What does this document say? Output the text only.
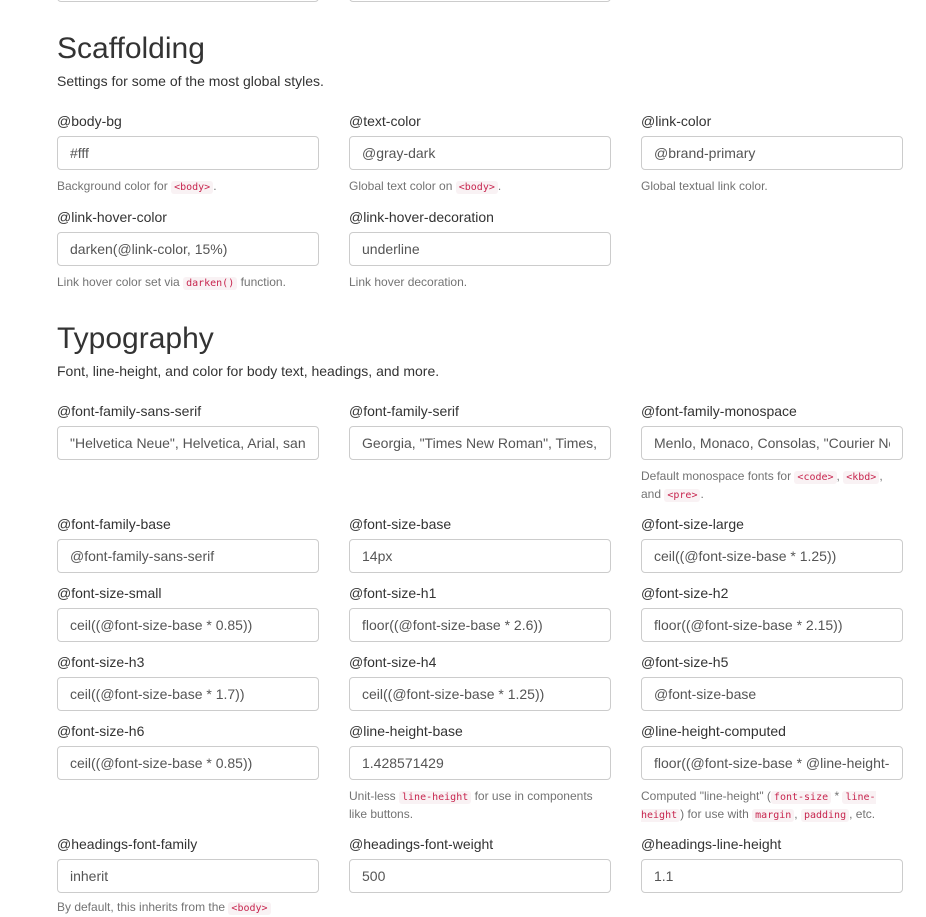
Scaffolding
Settings for some of the most global styles.
@body-bg
#fff
Background color for <body> .
@text-color
@gray-dark
Global text color on <body> .
@link-color
@brand-primary
Global textual link color.
@link-hover-color
darken(@link-color, 15%)
Link hover color set via darken() function.
@link-hover-decoration
underline
Link hover decoration.
Typography
Font, line-height, and color for body text, headings, and more.
@font-family-sans-serif
"Helvetica Neue", Helvetica, Arial, sans-serif	@font-family-serif
Georgia, "Times New Roman", Times, serif	@font-family-monospace
Menlo, Monaco, Consolas, "Courier New", monospace
Default monospace fonts for <code> , <kbd> , and <pre> .
@font-family-base
@font-family-sans-serif	@font-size-base
14px	@font-size-large
ceil((@font-size-base * 1.25))
@font-size-small
ceil((@font-size-base * 0.85))	@font-size-h1
floor((@font-size-base * 2.6))	@font-size-h2
floor((@font-size-base * 2.15))
@font-size-h3
ceil((@font-size-base * 1.7))	@font-size-h4
ceil((@font-size-base * 1.25))	@font-size-h5
@font-size-base
@font-size-h6
ceil((@font-size-base * 0.85))	@line-height-base
1.428571429
Unit-less line-height for use in components like buttons.
@line-height-computed
floor((@font-size-base * @line-height-base))
Computed "line-height" ( font-size * line-height ) for use with margin , padding , etc.
@headings-font-family
inherit	@headings-font-weight
500	@headings-line-height
1.1
By default, this inherits from the <body>
